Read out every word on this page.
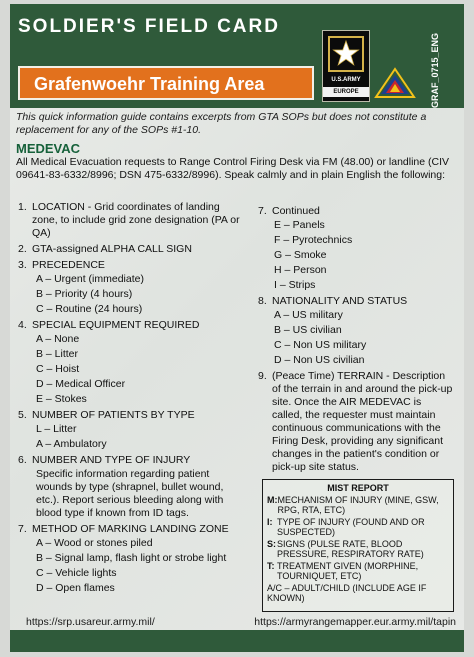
SOLDIER'S FIELD CARD
Grafenwoehr Training Area	U.S.ARMY
EUROPE	GRAF_0715_ENG
This quick information guide contains excerpts from GTA SOPs but does not constitute a replacement for any of the SOPs #1-10.
MEDEVAC
All Medical Evacuation requests to Range Control Firing Desk via FM (48.00) or landline (CIV 09641-83-6332/8996; DSN 475-6332/8996). Speak calmly and in plain English the following:
1. LOCATION - Grid coordinates of landing zone, to include grid zone designation (PA or QA)
2. GTA-assigned ALPHA CALL SIGN
3. PRECEDENCE
A – Urgent (immediate)
B – Priority (4 hours)
C – Routine (24 hours)
4. SPECIAL EQUIPMENT REQUIRED
A – None
B – Litter
C – Hoist
D – Medical Officer
E – Stokes
5. NUMBER OF PATIENTS BY TYPE
L – Litter
A – Ambulatory
6. NUMBER AND TYPE OF INJURY
Specific information regarding patient wounds by type (shrapnel, bullet wound, etc.). Report serious bleeding along with blood type if known from ID tags.
7. METHOD OF MARKING LANDING ZONE
A – Wood or stones piled
B – Signal lamp, flash light or strobe light
C – Vehicle lights
D – Open flames
7. Continued
E – Panels
F – Pyrotechnics
G – Smoke
H – Person
I – Strips
8. NATIONALITY AND STATUS
A – US military
B – US civilian
C – Non US military
D – Non US civilian
9. (Peace Time) TERRAIN - Description of the terrain in and around the pick-up site. Once the AIR MEDEVAC is called, the requester must maintain continuous communications with the Firing Desk, providing any significant changes in the patient's condition or pick-up site status.
MIST REPORT
M: MECHANISM OF INJURY (MINE, GSW, RPG, RTA, ETC)
I: TYPE OF INJURY (FOUND AND OR SUSPECTED)
S: SIGNS (PULSE RATE, BLOOD PRESSURE, RESPIRATORY RATE)
T: TREATMENT GIVEN (MORPHINE, TOURNIQUET, ETC)
A/C – ADULT/CHILD (INCLUDE AGE IF KNOWN)
https://srp.usareur.army.mil/	https://armyrangemapper.eur.army.mil/tapin
